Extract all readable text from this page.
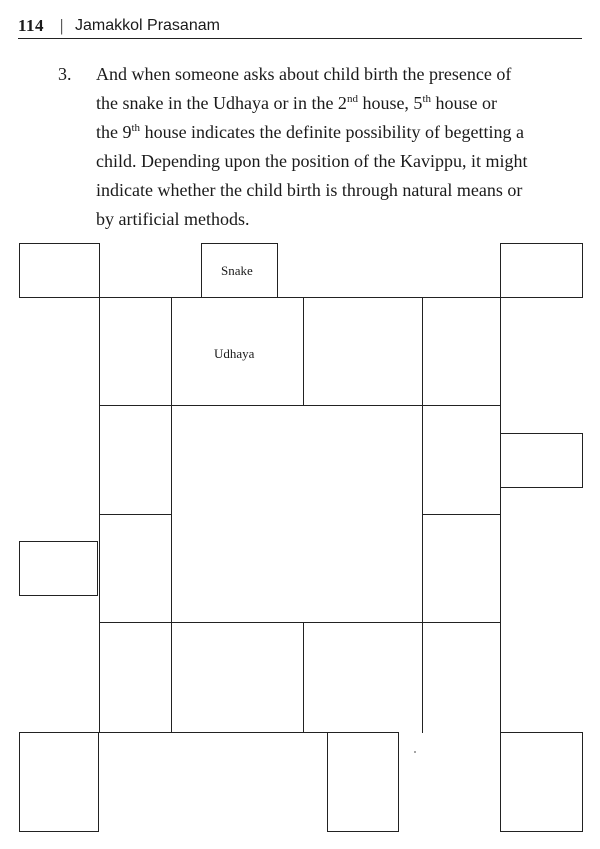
114 | Jamakkol Prasanam
3. And when someone asks about child birth the presence of
the snake in the Udhaya or in the 2nd house, 5th house or
the 9th house indicates the definite possibility of begetting a
child. Depending upon the position of the Kavippu, it might
indicate whether the child birth is through natural means or
by artificial methods.
Snake
Udhaya
